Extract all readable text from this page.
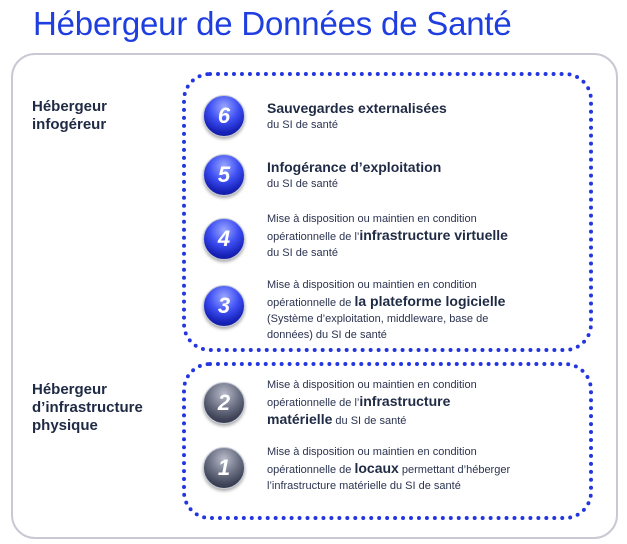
Hébergeur de Données de Santé
Hébergeur
infogéreur
Hébergeur
d’infrastructure
physique
6	Sauvegardes externalisées
du SI de santé
5	Infogérance d’exploitation
du SI de santé
4
Mise à disposition ou maintien en condition
opérationnelle de l’infrastructure virtuelle
du SI de santé
3
Mise à disposition ou maintien en condition
opérationnelle de la plateforme logicielle
(Système d’exploitation, middleware, base de
données) du SI de santé
2
Mise à disposition ou maintien en condition
opérationnelle de l’infrastructure
matérielle du SI de santé
1
Mise à disposition ou maintien en condition
opérationnelle de locaux permettant d’héberger
l’infrastructure matérielle du SI de santé
